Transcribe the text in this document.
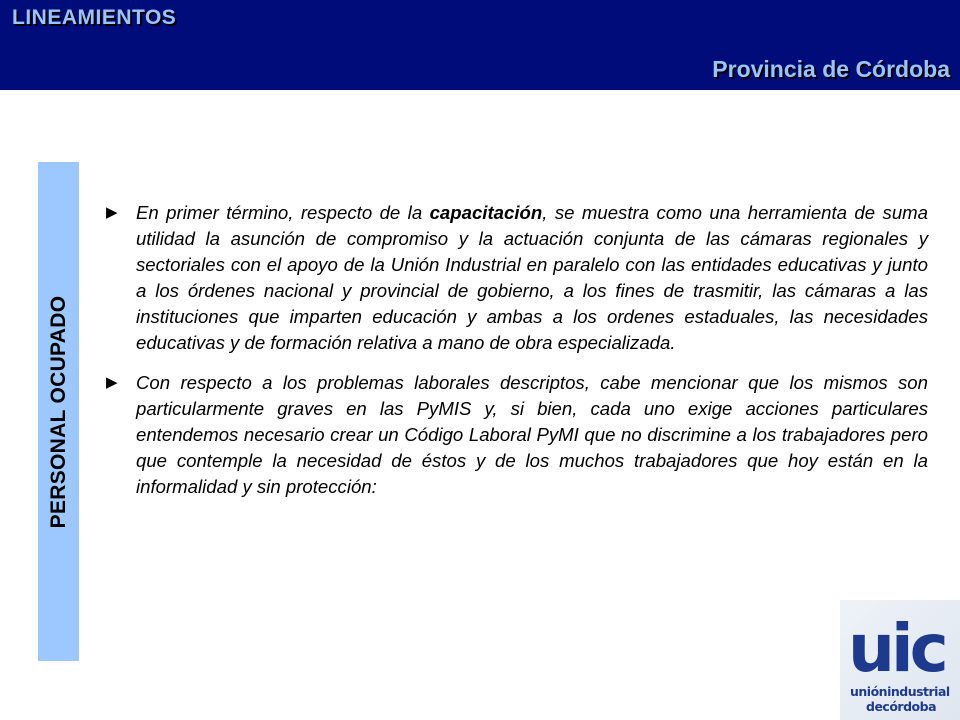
LINEAMIENTOS
Provincia de Córdoba
PERSONAL OCUPADO
▶ En primer término, respecto de la capacitación, se muestra como una herramienta de suma utilidad la asunción de compromiso y la actuación conjunta de las cámaras regionales y sectoriales con el apoyo de la Unión Industrial en paralelo con las entidades educativas y junto a los órdenes nacional y provincial de gobierno, a los fines de trasmitir, las cámaras a las instituciones que imparten educación y ambas a los ordenes estaduales, las necesidades educativas y de formación relativa a mano de obra especializada.

▶ Con respecto a los problemas laborales descriptos, cabe mencionar que los mismos son particularmente graves en las PyMIS y, si bien, cada uno exige acciones particulares entendemos necesario crear un Código Laboral PyMI que no discrimine a los trabajadores pero que contemple la necesidad de éstos y de los muchos trabajadores que hoy están en la informalidad y sin protección:

uic
uniónindustrial
decórdoba
